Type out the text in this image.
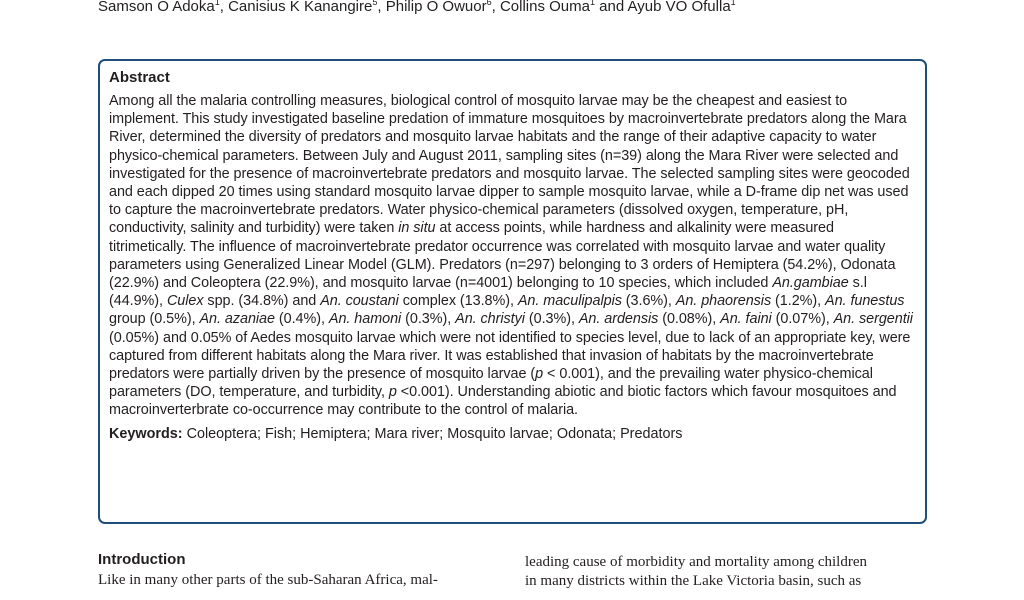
Samson O Adoka$^1$, Canisius K Kanangire$^5$, Philip O Owuor$^6$, Collins Ouma$^1$ and Ayub VO Ofulla$^1$
Abstract

Among all the malaria controlling measures, biological control of mosquito larvae may be the cheapest and easiest to implement. This study investigated baseline predation of immature mosquitoes by macroinvertebrate predators along the Mara River, determined the diversity of predators and mosquito larvae habitats and the range of their adaptive capacity to water physico-chemical parameters. Between July and August 2011, sampling sites (n=39) along the Mara River were selected and investigated for the presence of macroinvertebrate predators and mosquito larvae. The selected sampling sites were geocoded and each dipped 20 times using standard mosquito larvae dipper to sample mosquito larvae, while a D-frame dip net was used to capture the macroinvertebrate predators. Water physico-chemical parameters (dissolved oxygen, temperature, pH, conductivity, salinity and turbidity) were taken in situ at access points, while hardness and alkalinity were measured titrimetically. The influence of macroinvertebrate predator occurrence was correlated with mosquito larvae and water quality parameters using Generalized Linear Model (GLM). Predators (n=297) belonging to 3 orders of Hemiptera (54.2%), Odonata (22.9%) and Coleoptera (22.9%), and mosquito larvae (n=4001) belonging to 10 species, which included An.gambiae s.l (44.9%), Culex spp. (34.8%) and An. coustani complex (13.8%), An. maculipalpis (3.6%), An. phaorensis (1.2%), An. funestus group (0.5%), An. azaniae (0.4%), An. hamoni (0.3%), An. christyi (0.3%), An. ardensis (0.08%), An. faini (0.07%), An. sergentii (0.05%) and 0.05% of Aedes mosquito larvae which were not identified to species level, due to lack of an appropriate key, were captured from different habitats along the Mara river. It was established that invasion of habitats by the macroinvertebrate predators were partially driven by the presence of mosquito larvae (p < 0.001), and the prevailing water physico-chemical parameters (DO, temperature, and turbidity, p <0.001). Understanding abiotic and biotic factors which favour mosquitoes and macroinverterbrate co-occurrence may contribute to the control of malaria.

Keywords: Coleoptera; Fish; Hemiptera; Mara river; Mosquito larvae; Odonata; Predators
Introduction

Like in many other parts of the sub-Saharan Africa, mal-

leading cause of morbidity and mortality among children

in many districts within the Lake Victoria basin, such as
